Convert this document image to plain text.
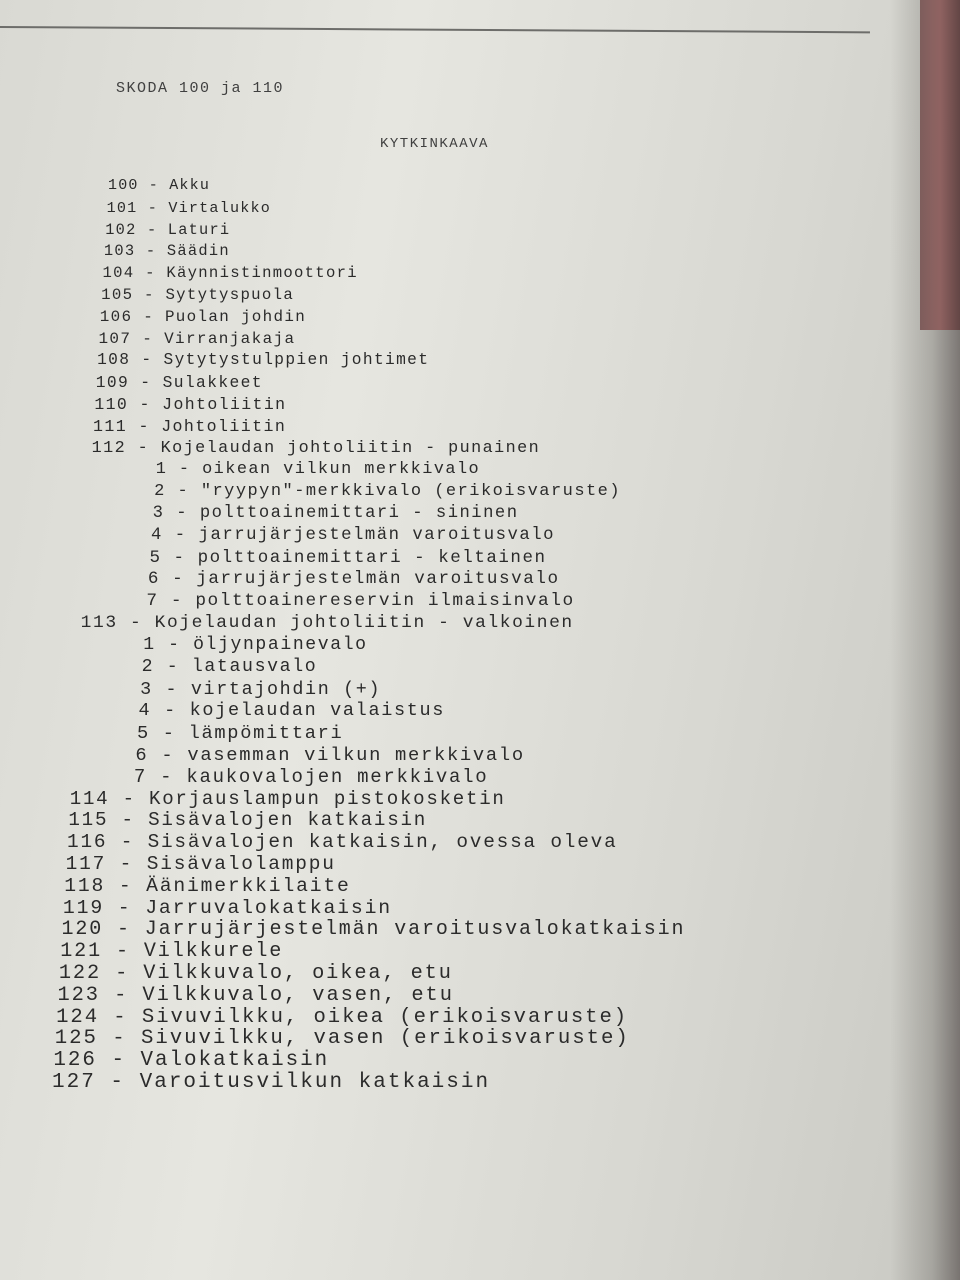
SKODA 100 ja 110
KYTKINKAAVA
100 - Akku
101 - Virtalukko
102 - Laturi
103 - Säädin
104 - Käynnistinmoottori
105 - Sytytyspuola
106 - Puolan johdin
107 - Virranjakaja
108 - Sytytystulppien johtimet
109 - Sulakkeet
110 - Johtoliitin
111 - Johtoliitin
112 - Kojelaudan johtoliitin - punainen
1 - oikean vilkun merkkivalo
2 - "ryypyn"-merkkivalo (erikoisvaruste)
3 - polttoainemittari - sininen
4 - jarrujärjestelmän varoitusvalo
5 - polttoainemittari - keltainen
6 - jarrujärjestelmän varoitusvalo
7 - polttoainereservin ilmaisinvalo
113 - Kojelaudan johtoliitin - valkoinen
1 - öljynpainevalo
2 - latausvalo
3 - virtajohdin (+)
4 - kojelaudan valaistus
5 - lämpömittari
6 - vasemman vilkun merkkivalo
7 - kaukovalojen merkkivalo
114 - Korjauslampun pistokosketin
115 - Sisävalojen katkaisin
116 - Sisävalojen katkaisin, ovessa oleva
117 - Sisävalolamppu
118 - Äänimerkkilaite
119 - Jarruvalokatkaisin
120 - Jarrujärjestelmän varoitusvalokatkaisin
121 - Vilkkurele
122 - Vilkkuvalo, oikea, etu
123 - Vilkkuvalo, vasen, etu
124 - Sivuvilkku, oikea (erikoisvaruste)
125 - Sivuvilkku, vasen (erikoisvaruste)
126 - Valokatkaisin
127 - Varoitusvilkun katkaisin
